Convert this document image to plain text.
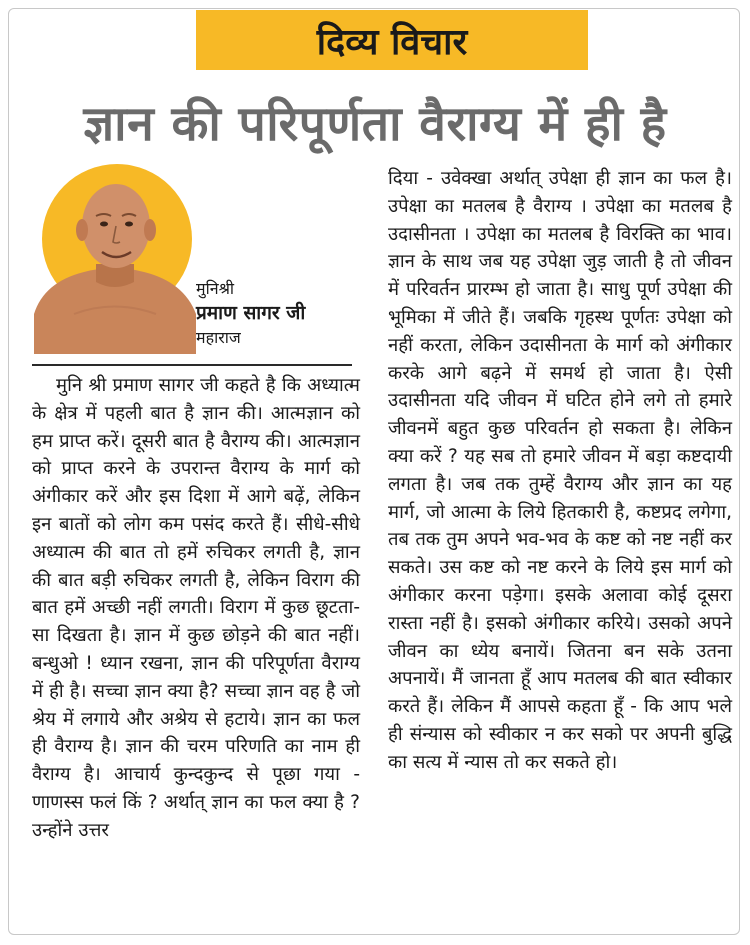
दिव्य विचार
ज्ञान की परिपूर्णता वैराग्य में ही है
मुनिश्री
प्रमाण सागर जी
महाराज
मुनि श्री प्रमाण सागर जी कहते है कि अध्यात्म के क्षेत्र में पहली बात है ज्ञान की। आत्मज्ञान को हम प्राप्त करें। दूसरी बात है वैराग्य की। आत्मज्ञान को प्राप्त करने के उपरान्त वैराग्य के मार्ग को अंगीकार करें और इस दिशा में आगे बढ़ें, लेकिन इन बातों को लोग कम पसंद करते हैं। सीधे-सीधे अध्यात्म की बात तो हमें रुचिकर लगती है, ज्ञान की बात बड़ी रुचिकर लगती है, लेकिन विराग की बात हमें अच्छी नहीं लगती। विराग में कुछ छूटता-सा दिखता है। ज्ञान में कुछ छोड़ने की बात नहीं। बन्धुओ ! ध्यान रखना, ज्ञान की परिपूर्णता वैराग्य में ही है। सच्चा ज्ञान क्या है? सच्चा ज्ञान वह है जो श्रेय में लगाये और अश्रेय से हटाये। ज्ञान का फल ही वैराग्य है। ज्ञान की चरम परिणति का नाम ही वैराग्य है। आचार्य कुन्दकुन्द से पूछा गया - णाणस्स फलं किं ? अर्थात् ज्ञान का फल क्या है ? उन्होंने उत्तर
दिया - उवेक्खा अर्थात् उपेक्षा ही ज्ञान का फल है। उपेक्षा का मतलब है वैराग्य । उपेक्षा का मतलब है उदासीनता । उपेक्षा का मतलब है विरक्ति का भाव। ज्ञान के साथ जब यह उपेक्षा जुड़ जाती है तो जीवन में परिवर्तन प्रारम्भ हो जाता है। साधु पूर्ण उपेक्षा की भूमिका में जीते हैं। जबकि गृहस्थ पूर्णतः उपेक्षा को नहीं करता, लेकिन उदासीनता के मार्ग को अंगीकार करके आगे बढ़ने में समर्थ हो जाता है। ऐसी उदासीनता यदि जीवन में घटित होने लगे तो हमारे जीवनमें बहुत कुछ परिवर्तन हो सकता है। लेकिन क्या करें ? यह सब तो हमारे जीवन में बड़ा कष्टदायी लगता है। जब तक तुम्हें वैराग्य और ज्ञान का यह मार्ग, जो आत्मा के लिये हितकारी है, कष्टप्रद लगेगा, तब तक तुम अपने भव-भव के कष्ट को नष्ट नहीं कर सकते। उस कष्ट को नष्ट करने के लिये इस मार्ग को अंगीकार करना पड़ेगा। इसके अलावा कोई दूसरा रास्ता नहीं है। इसको अंगीकार करिये। उसको अपने जीवन का ध्येय बनायें। जितना बन सके उतना अपनायें। मैं जानता हूँ आप मतलब की बात स्वीकार करते हैं। लेकिन मैं आपसे कहता हूँ - कि आप भले ही संन्यास को स्वीकार न कर सको पर अपनी बुद्धि का सत्य में न्यास तो कर सकते हो।
